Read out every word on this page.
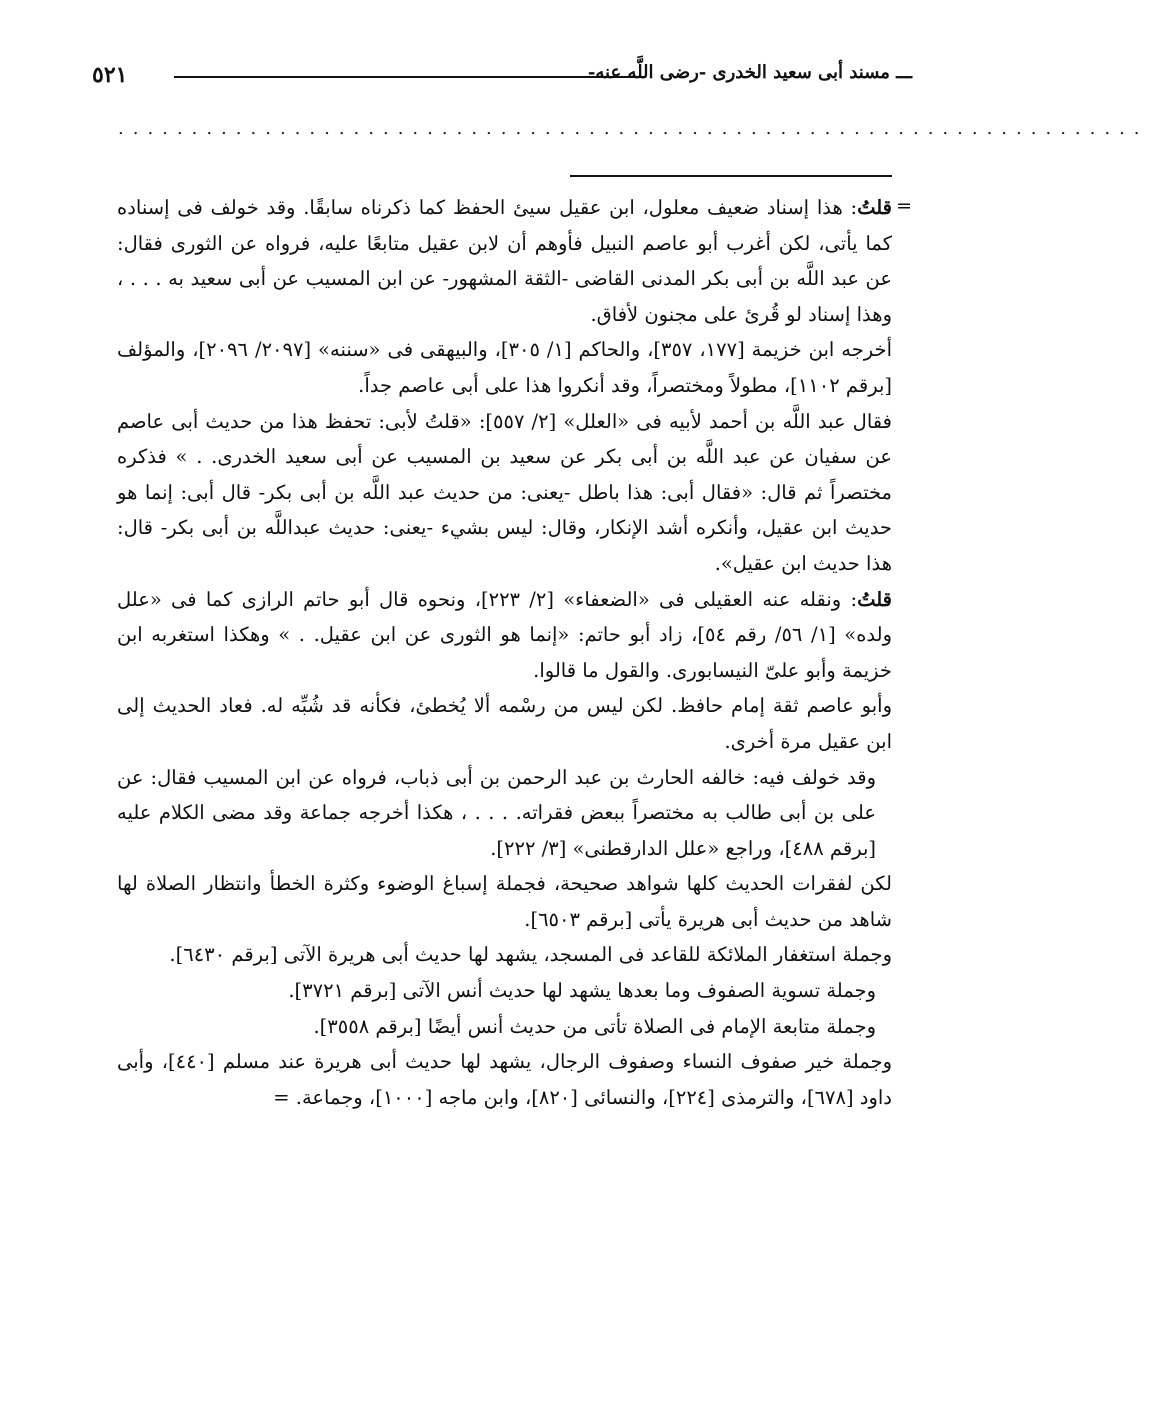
٥٢١	ـــ مسند أبى سعيد الخدرى -رضى اللَّه عنه-
......................................................................
=

قلتُ: هذا إسناد ضعيف معلول، ابن عقيل سيئ الحفظ كما ذكرناه سابقًا. وقد خولف فى إسناده كما يأتى، لكن أغرب أبو عاصم النبيل فأوهم أن لابن عقيل متابعًا عليه، فرواه عن الثورى فقال: عن عبد اللَّه بن أبى بكر المدنى القاضى -الثقة المشهور- عن ابن المسيب عن أبى سعيد به . . . ، وهذا إسناد لو قُرئ على مجنون لأفاق.

أخرجه ابن خزيمة [١٧٧، ٣٥٧]، والحاكم [١/ ٣٠٥]، والبيهقى فى «سننه» [٢٠٩٧/ ٢٠٩٦]، والمؤلف [برقم ١١٠٢]، مطولاً ومختصراً، وقد أنكروا هذا على أبى عاصم جداً.

فقال عبد اللَّه بن أحمد لأبيه فى «العلل» [٢/ ٥٥٧]: «قلتُ لأبى: تحفظ هذا من حديث أبى عاصم عن سفيان عن عبد اللَّه بن أبى بكر عن سعيد بن المسيب عن أبى سعيد الخدرى. . » فذكره مختصراً ثم قال: «فقال أبى: هذا باطل -يعنى: من حديث عبد اللَّه بن أبى بكر- قال أبى: إنما هو حديث ابن عقيل، وأنكره أشد الإنكار، وقال: ليس بشيء -يعنى: حديث عبداللَّه بن أبى بكر- قال: هذا حديث ابن عقيل».

قلتُ: ونقله عنه العقيلى فى «الضعفاء» [٢/ ٢٢٣]، ونحوه قال أبو حاتم الرازى كما فى «علل ولده» [١/ ٥٦/ رقم ٥٤]، زاد أبو حاتم: «إنما هو الثورى عن ابن عقيل. . » وهكذا استغربه ابن خزيمة وأبو علىّ النيسابورى. والقول ما قالوا.

وأبو عاصم ثقة إمام حافظ. لكن ليس من رسْمه ألا يُخطئ، فكأنه قد شُبِّه له. فعاد الحديث إلى ابن عقيل مرة أخرى.

وقد خولف فيه: خالفه الحارث بن عبد الرحمن بن أبى ذباب، فرواه عن ابن المسيب فقال: عن على بن أبى طالب به مختصراً ببعض فقراته. . . . ، هكذا أخرجه جماعة وقد مضى الكلام عليه [برقم ٤٨٨]، وراجع «علل الدارقطنى» [٣/ ٢٢٢].

لكن لفقرات الحديث كلها شواهد صحيحة، فجملة إسباغ الوضوء وكثرة الخطأ وانتظار الصلاة لها شاهد من حديث أبى هريرة يأتى [برقم ٦٥٠٣].

وجملة استغفار الملائكة للقاعد فى المسجد، يشهد لها حديث أبى هريرة الآتى [برقم ٦٤٣٠].

وجملة تسوية الصفوف وما بعدها يشهد لها حديث أنس الآتى [برقم ٣٧٢١].

وجملة متابعة الإمام فى الصلاة تأتى من حديث أنس أيضًا [برقم ٣٥٥٨].

وجملة خير صفوف النساء وصفوف الرجال، يشهد لها حديث أبى هريرة عند مسلم [٤٤٠]، وأبى داود [٦٧٨]، والترمذى [٢٢٤]، والنسائى [٨٢٠]، وابن ماجه [١٠٠٠]، وجماعة. =
